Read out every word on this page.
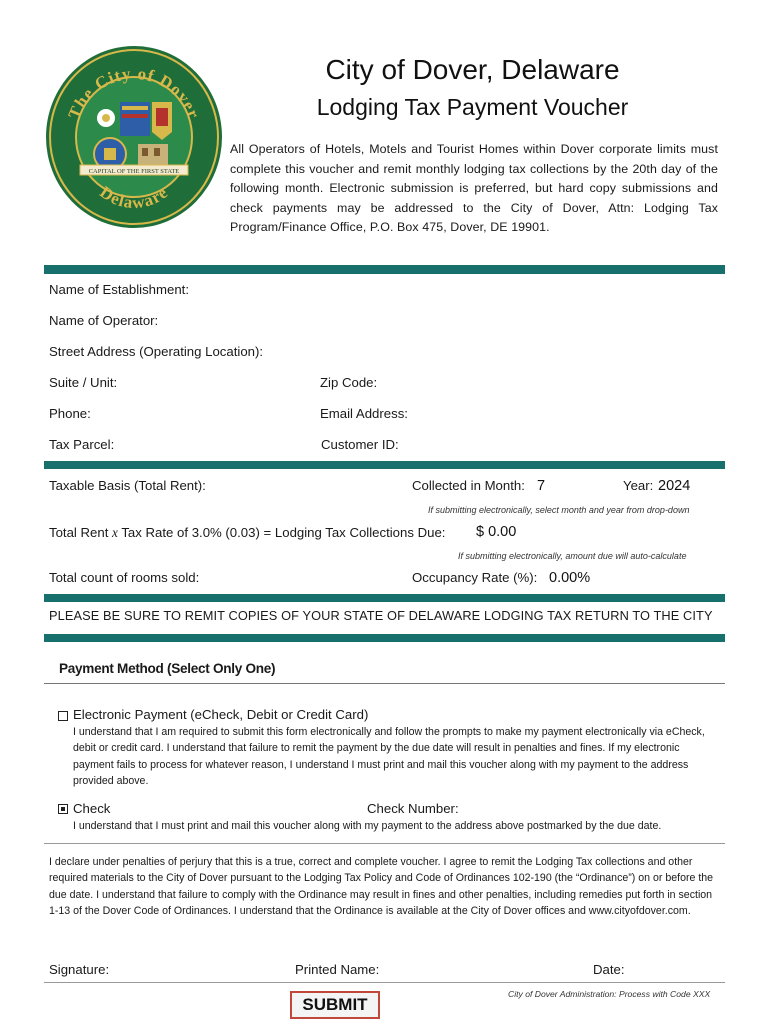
The City of Dover
Delaware
CAPITAL OF THE FIRST STATE
City of Dover, Delaware
Lodging Tax Payment Voucher
All Operators of Hotels, Motels and Tourist Homes within Dover corporate limits must complete this voucher and remit monthly lodging tax collections by the 20th day of the following month. Electronic submission is preferred, but hard copy submissions and check payments may be addressed to the City of Dover, Attn: Lodging Tax Program/Finance Office, P.O. Box 475, Dover, DE 19901.
Name of Establishment:
Name of Operator:
Street Address (Operating Location):
Suite / Unit:	Zip Code:
Phone:	Email Address:
Tax Parcel:	Customer ID:
Taxable Basis (Total Rent):	Collected in Month: 7	Year: 2024
If submitting electronically, select month and year from drop-down
Total Rent x Tax Rate of 3.0% (0.03) = Lodging Tax Collections Due: $ 0.00
If submitting electronically, amount due will auto-calculate
Total count of rooms sold:	Occupancy Rate (%): 0.00%
PLEASE BE SURE TO REMIT COPIES OF YOUR STATE OF DELAWARE LODGING TAX RETURN TO THE CITY
Payment Method (Select Only One)
Electronic Payment (eCheck, Debit or Credit Card)
I understand that I am required to submit this form electronically and follow the prompts to make my payment electronically via eCheck, debit or credit card. I understand that failure to remit the payment by the due date will result in penalties and fines. If my electronic payment fails to process for whatever reason, I understand I must print and mail this voucher along with my payment to the address provided above.
Check	Check Number:
I understand that I must print and mail this voucher along with my payment to the address above postmarked by the due date.
I declare under penalties of perjury that this is a true, correct and complete voucher. I agree to remit the Lodging Tax collections and other required materials to the City of Dover pursuant to the Lodging Tax Policy and Code of Ordinances 102-190 (the “Ordinance”) on or before the due date. I understand that failure to comply with the Ordinance may result in fines and other penalties, including remedies put forth in section 1-13 of the Dover Code of Ordinances. I understand that the Ordinance is available at the City of Dover offices and www.cityofdover.com.
Signature:	Printed Name:	Date:
SUBMIT
City of Dover Administration: Process with Code XXX
